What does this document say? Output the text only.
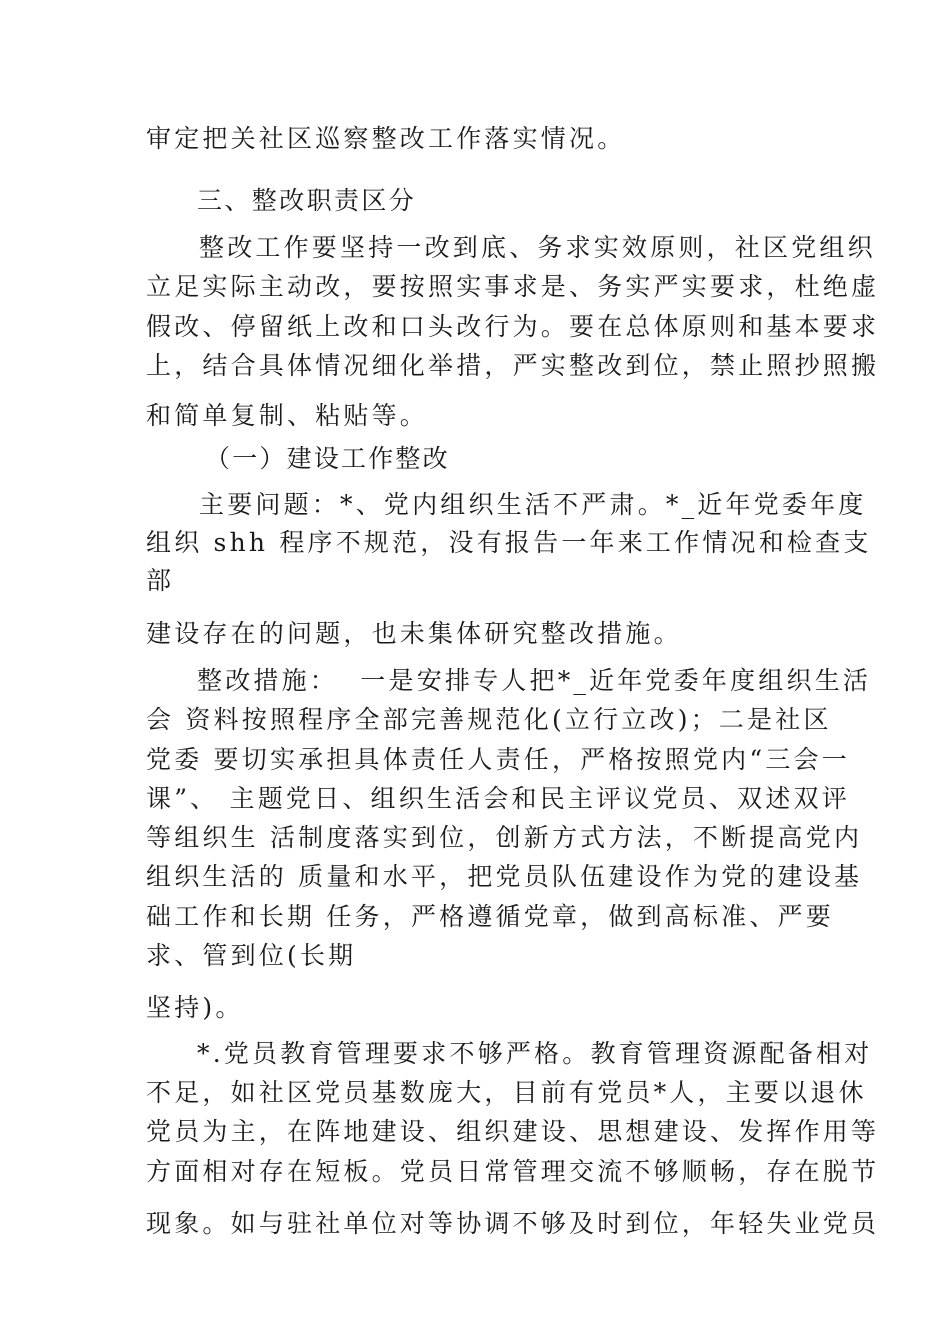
审定把关社区巡察整改工作落实情况。

三、整改职责区分

整改工作要坚持一改到底、务求实效原则，社区党组织

立足实际主动改，要按照实事求是、务实严实要求，杜绝虚

假改、停留纸上改和口头改行为。要在总体原则和基本要求

上，结合具体情况细化举措，严实整改到位，禁止照抄照搬

和简单复制、粘贴等。

（一）建设工作整改

主要问题：*、党内组织生活不严肃。*_近年党委年度

组织 shh 程序不规范，没有报告一年来工作情况和检查支

部

建设存在的问题，也未集体研究整改措施。

整改措施：  一是安排专人把*_近年党委年度组织生活

会 资料按照程序全部完善规范化(立行立改)；二是社区

党委 要切实承担具体责任人责任，严格按照党内“三会一

课”、 主题党日、组织生活会和民主评议党员、双述双评

等组织生 活制度落实到位，创新方式方法，不断提高党内

组织生活的 质量和水平，把党员队伍建设作为党的建设基

础工作和长期 任务，严格遵循党章，做到高标准、严要

求、管到位(长期

坚持)。

*.党员教育管理要求不够严格。教育管理资源配备相对

不足，如社区党员基数庞大，目前有党员*人，主要以退休

党员为主，在阵地建设、组织建设、思想建设、发挥作用等

方面相对存在短板。党员日常管理交流不够顺畅，存在脱节

现象。如与驻社单位对等协调不够及时到位，年轻失业党员
